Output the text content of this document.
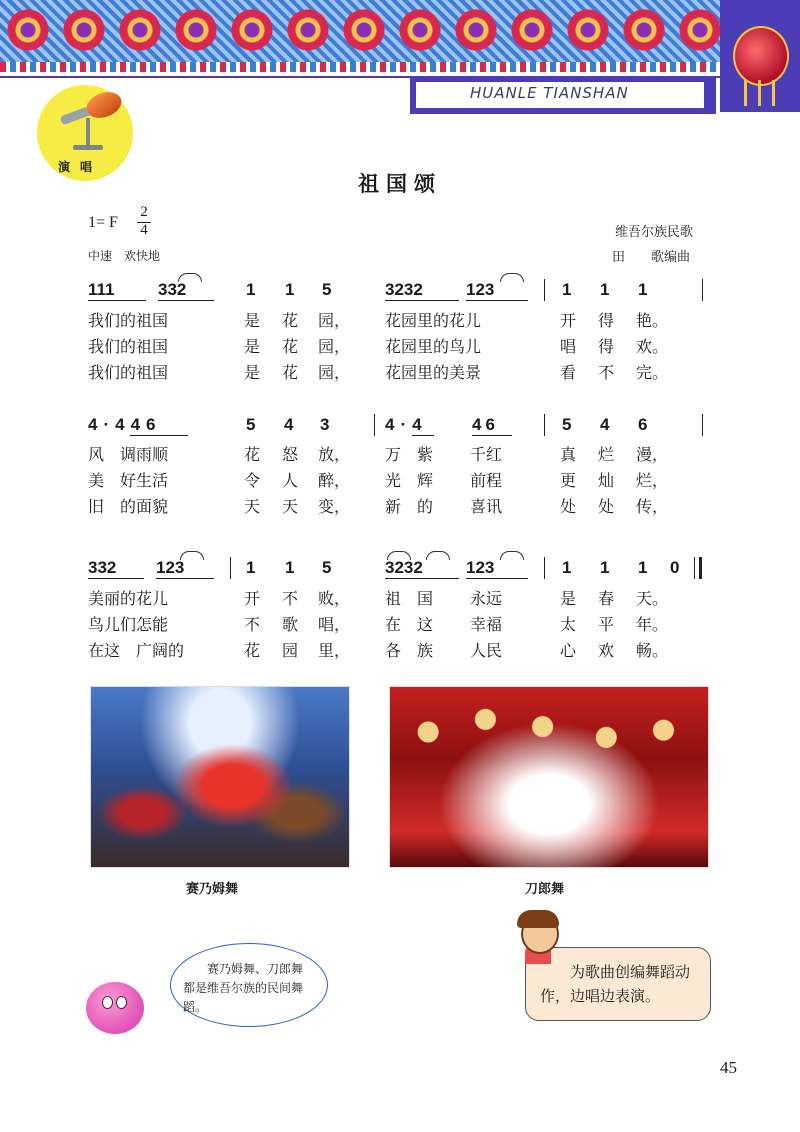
HUANLE TIANSHAN
演唱
祖国颂
1= F
2
4
中速　欢快地
维吾尔族民歌
田　　歌编曲
111	332	1 1 5	3232	123	1 1 1
我们的祖国	是 花 园， 花园里的花儿	开 得 艳。
我们的祖国	是 花 园， 花园里的鸟儿	唱 得 欢。
我们的祖国	是 花 园， 花园里的美景	看 不 完。
4·446	5 4 3	4·4	46	5 4 6
风　调雨顺	花 怒 放， 万　紫 千红	真 烂 漫，
美　好生活	令 人 醉， 光　辉 前程	更 灿 烂，
旧　的面貌	天 天 变， 新　的 喜讯	处 处 传，
332 123	1 1 5	3232	123	1 1 1 0
美丽的花儿	开 不 败， 祖　国 永远	是 春 天。
鸟儿们怎能	不 歌 唱， 在　这 幸福	太 平 年。
在这　广阔的	花 园 里， 各　族 人民	心 欢 畅。
赛乃姆舞	刀郎舞
赛乃姆舞、刀郎舞都是维吾尔族的民间舞蹈。
为歌曲创编舞蹈动作，边唱边表演。
45
